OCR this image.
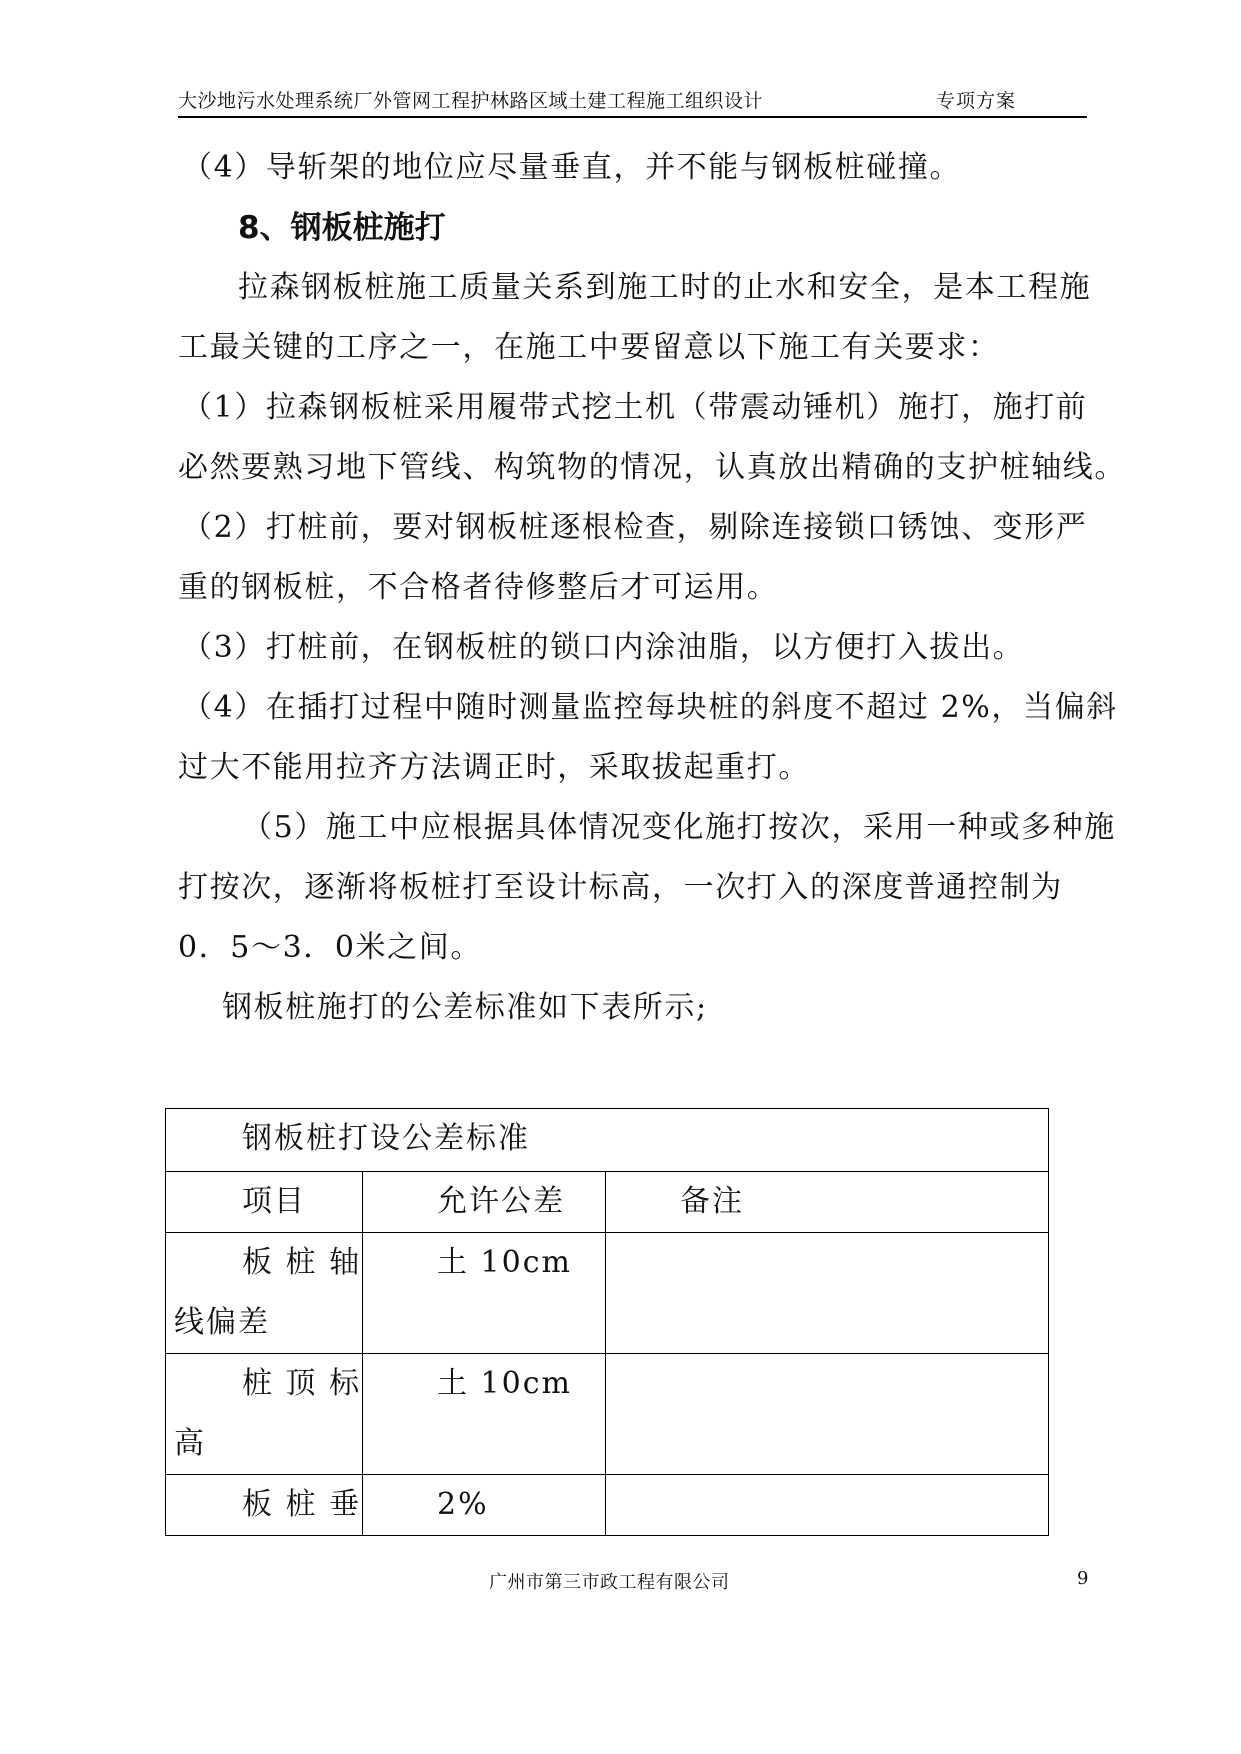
大沙地污水处理系统厂外管网工程护林路区域土建工程施工组织设计	专项方案

（4）导斩架的地位应尽量垂直，并不能与钢板桩碰撞。

8、钢板桩施打

拉森钢板桩施工质量关系到施工时的止水和安全，是本工程施

工最关键的工序之一，在施工中要留意以下施工有关要求：

（1）拉森钢板桩采用履带式挖土机（带震动锤机）施打，施打前

必然要熟习地下管线、构筑物的情况，认真放出精确的支护桩轴线。

（2）打桩前，要对钢板桩逐根检查，剔除连接锁口锈蚀、变形严

重的钢板桩，不合格者待修整后才可运用。

（3）打桩前，在钢板桩的锁口内涂油脂，以方便打入拔出。

（4）在插打过程中随时测量监控每块桩的斜度不超过 2%，当偏斜

过大不能用拉齐方法调正时，采取拔起重打。

（5）施工中应根据具体情况变化施打按次，采用一种或多种施

打按次，逐渐将板桩打至设计标高，一次打入的深度普通控制为

0．5～3．0米之间。

钢板桩施打的公差标准如下表所示;

钢板桩打设公差标准		

项目	允许公差	备注

板 桩 轴
线偏差	土 10cm	

桩 顶 标
高	土 10cm	

板 桩 垂	2%	

广州市第三市政工程有限公司	9
